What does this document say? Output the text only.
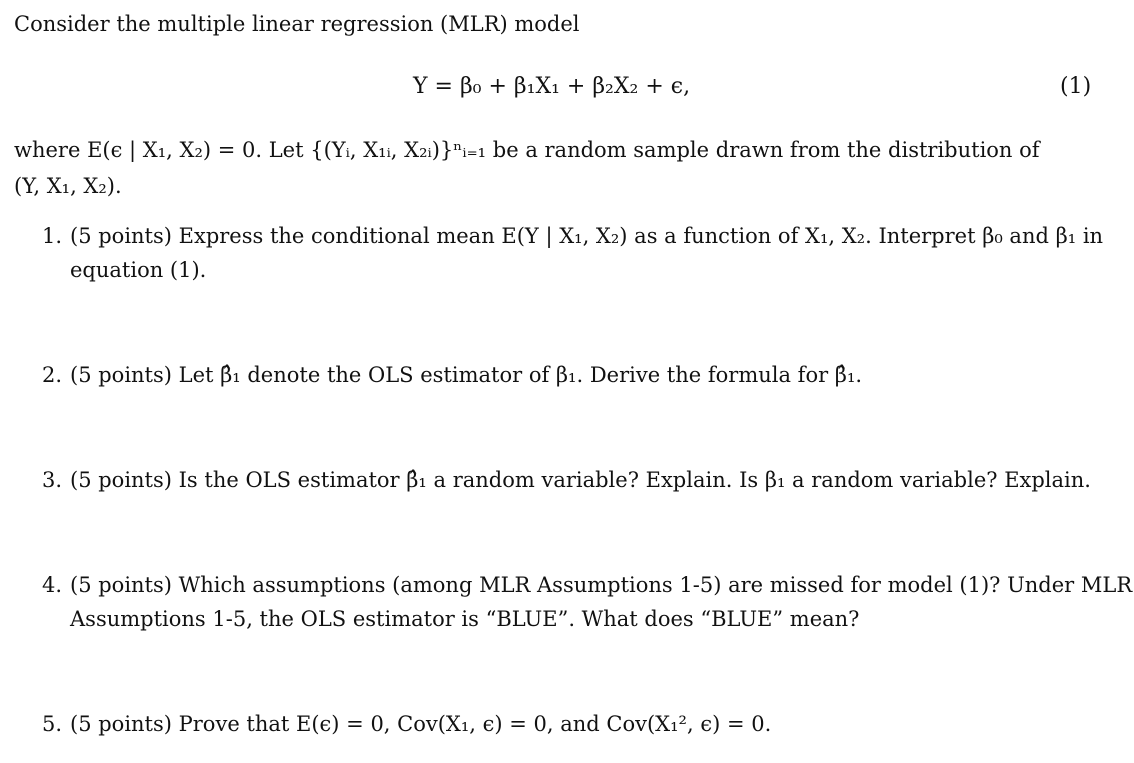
Consider the multiple linear regression (MLR) model
Y = β₀ + β₁X₁ + β₂X₂ + ϵ,	(1)
where E(ϵ | X₁, X₂) = 0. Let {(Yᵢ, X₁ᵢ, X₂ᵢ)}ⁿᵢ₌₁ be a random sample drawn from the distribution of
(Y, X₁, X₂).
1. (5 points) Express the conditional mean E(Y | X₁, X₂) as a function of X₁, X₂. Interpret β₀ and β₁ in
equation (1).
2. (5 points) Let β̂₁ denote the OLS estimator of β₁. Derive the formula for β̂₁.
3. (5 points) Is the OLS estimator β̂₁ a random variable? Explain. Is β₁ a random variable? Explain.
4. (5 points) Which assumptions (among MLR Assumptions 1-5) are missed for model (1)? Under MLR
Assumptions 1-5, the OLS estimator is “BLUE”. What does “BLUE” mean?
5. (5 points) Prove that E(ϵ) = 0, Cov(X₁, ϵ) = 0, and Cov(X₁², ϵ) = 0.
